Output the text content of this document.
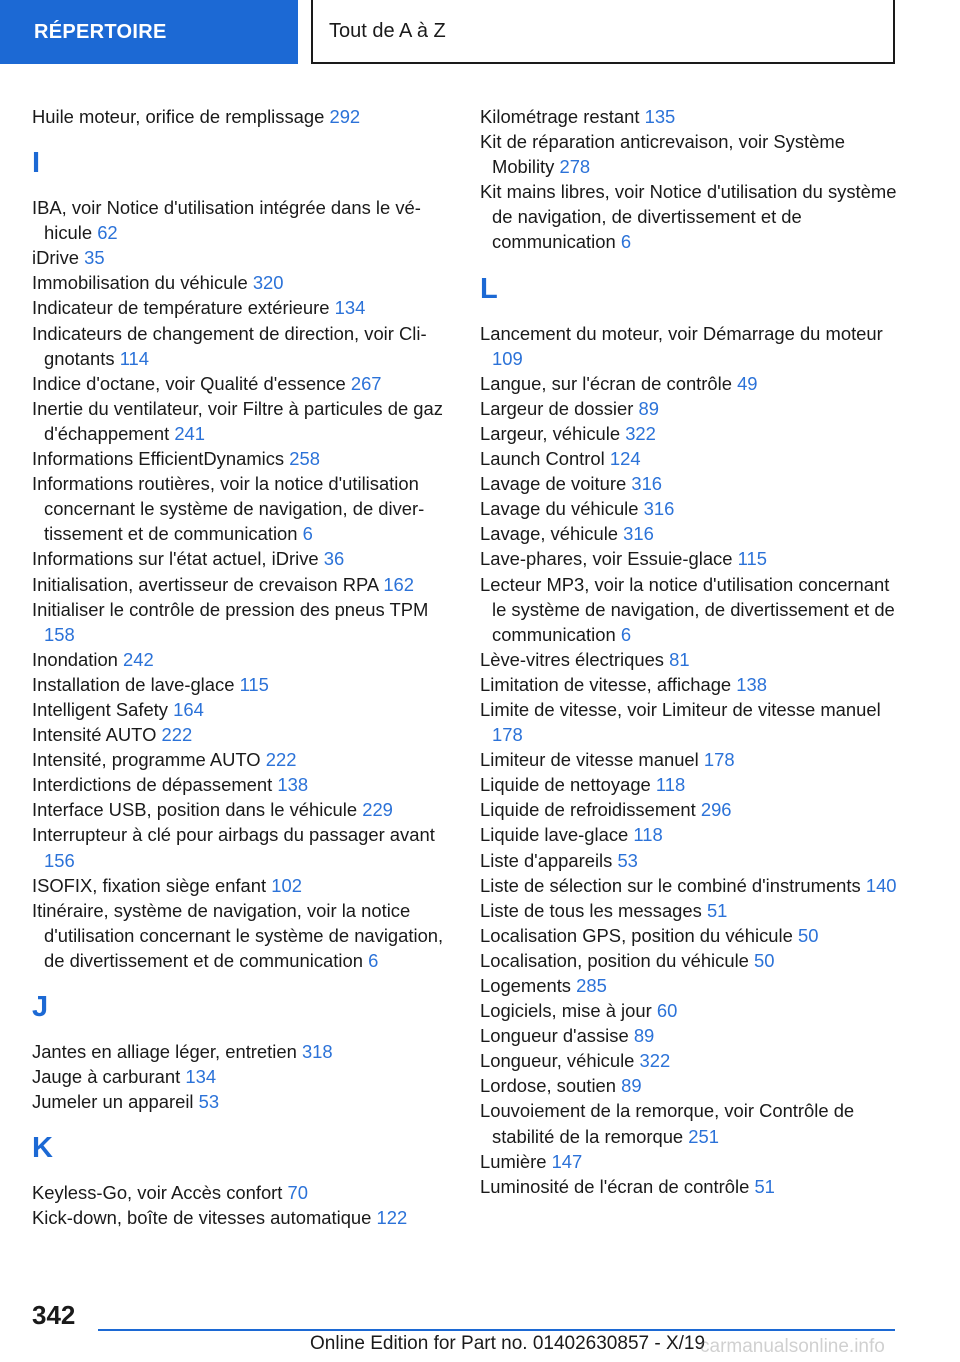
RÉPERTOIRE	Tout de A à Z
Huile moteur, orifice de remplissage 292
I
IBA, voir Notice d'utilisation intégrée dans le véhicule 62
iDrive 35
Immobilisation du véhicule 320
Indicateur de température extérieure 134
Indicateurs de changement de direction, voir Clignotants 114
Indice d'octane, voir Qualité d'essence 267
Inertie du ventilateur, voir Filtre à particules de gaz d'échappement 241
Informations EfficientDynamics 258
Informations routières, voir la notice d'utilisation concernant le système de navigation, de divertissement et de communication 6
Informations sur l'état actuel, iDrive 36
Initialisation, avertisseur de crevaison RPA 162
Initialiser le contrôle de pression des pneus TPM 158
Inondation 242
Installation de lave-glace 115
Intelligent Safety 164
Intensité AUTO 222
Intensité, programme AUTO 222
Interdictions de dépassement 138
Interface USB, position dans le véhicule 229
Interrupteur à clé pour airbags du passager avant 156
ISOFIX, fixation siège enfant 102
Itinéraire, système de navigation, voir la notice d'utilisation concernant le système de navigation, de divertissement et de communication 6
J
Jantes en alliage léger, entretien 318
Jauge à carburant 134
Jumeler un appareil 53
K
Keyless-Go, voir Accès confort 70
Kick-down, boîte de vitesses automatique 122
Kilométrage restant 135
Kit de réparation anticrevaison, voir Système Mobility 278
Kit mains libres, voir Notice d'utilisation du système de navigation, de divertissement et de communication 6
L
Lancement du moteur, voir Démarrage du moteur 109
Langue, sur l'écran de contrôle 49
Largeur de dossier 89
Largeur, véhicule 322
Launch Control 124
Lavage de voiture 316
Lavage du véhicule 316
Lavage, véhicule 316
Lave-phares, voir Essuie-glace 115
Lecteur MP3, voir la notice d'utilisation concernant le système de navigation, de divertissement et de communication 6
Lève-vitres électriques 81
Limitation de vitesse, affichage 138
Limite de vitesse, voir Limiteur de vitesse manuel 178
Limiteur de vitesse manuel 178
Liquide de nettoyage 118
Liquide de refroidissement 296
Liquide lave-glace 118
Liste d'appareils 53
Liste de sélection sur le combiné d'instruments 140
Liste de tous les messages 51
Localisation GPS, position du véhicule 50
Localisation, position du véhicule 50
Logements 285
Logiciels, mise à jour 60
Longueur d'assise 89
Longueur, véhicule 322
Lordose, soutien 89
Louvoiement de la remorque, voir Contrôle de stabilité de la remorque 251
Lumière 147
Luminosité de l'écran de contrôle 51
342
Online Edition for Part no. 01402630857 - X/19
carmanualsonline.info
